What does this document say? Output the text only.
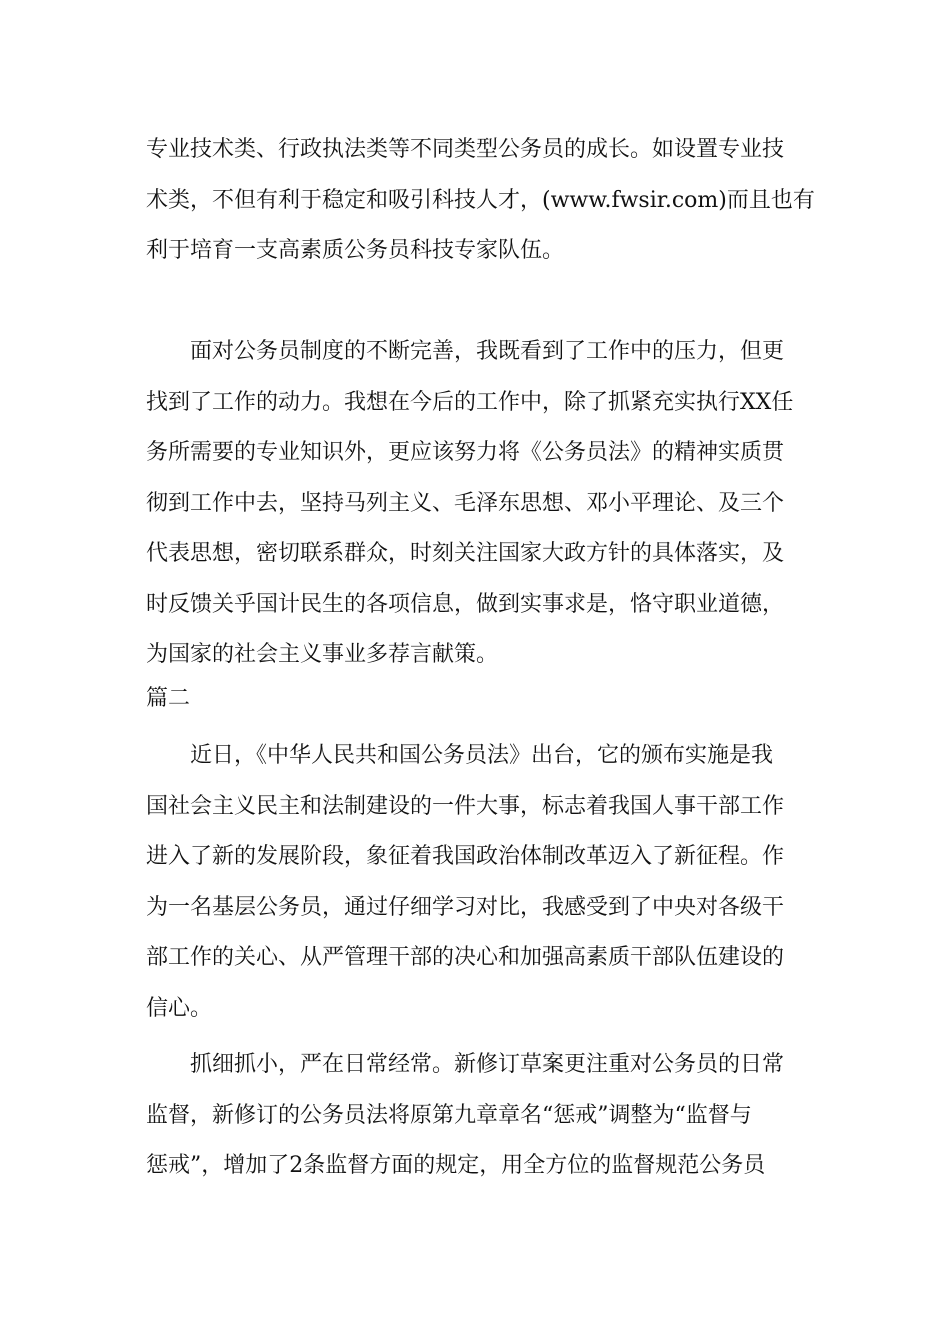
专业技术类、行政执法类等不同类型公务员的成长。如设置专业技
术类，不但有利于稳定和吸引科技人才，(www.fwsir.com)而且也有
利于培育一支高素质公务员科技专家队伍。
　　面对公务员制度的不断完善，我既看到了工作中的压力，但更
找到了工作的动力。我想在今后的工作中，除了抓紧充实执行XX任
务所需要的专业知识外，更应该努力将《公务员法》的精神实质贯
彻到工作中去，坚持马列主义、毛泽东思想、邓小平理论、及三个
代表思想，密切联系群众，时刻关注国家大政方针的具体落实，及
时反馈关乎国计民生的各项信息，做到实事求是，恪守职业道德，
为国家的社会主义事业多荐言献策。
篇二
　　近日，《中华人民共和国公务员法》出台，它的颁布实施是我
国社会主义民主和法制建设的一件大事，标志着我国人事干部工作
进入了新的发展阶段，象征着我国政治体制改革迈入了新征程。作
为一名基层公务员，通过仔细学习对比，我感受到了中央对各级干
部工作的关心、从严管理干部的决心和加强高素质干部队伍建设的
信心。
　　抓细抓小，严在日常经常。新修订草案更注重对公务员的日常
监督，新修订的公务员法将原第九章章名“惩戒”调整为“监督与
惩戒”，增加了2条监督方面的规定，用全方位的监督规范公务员
